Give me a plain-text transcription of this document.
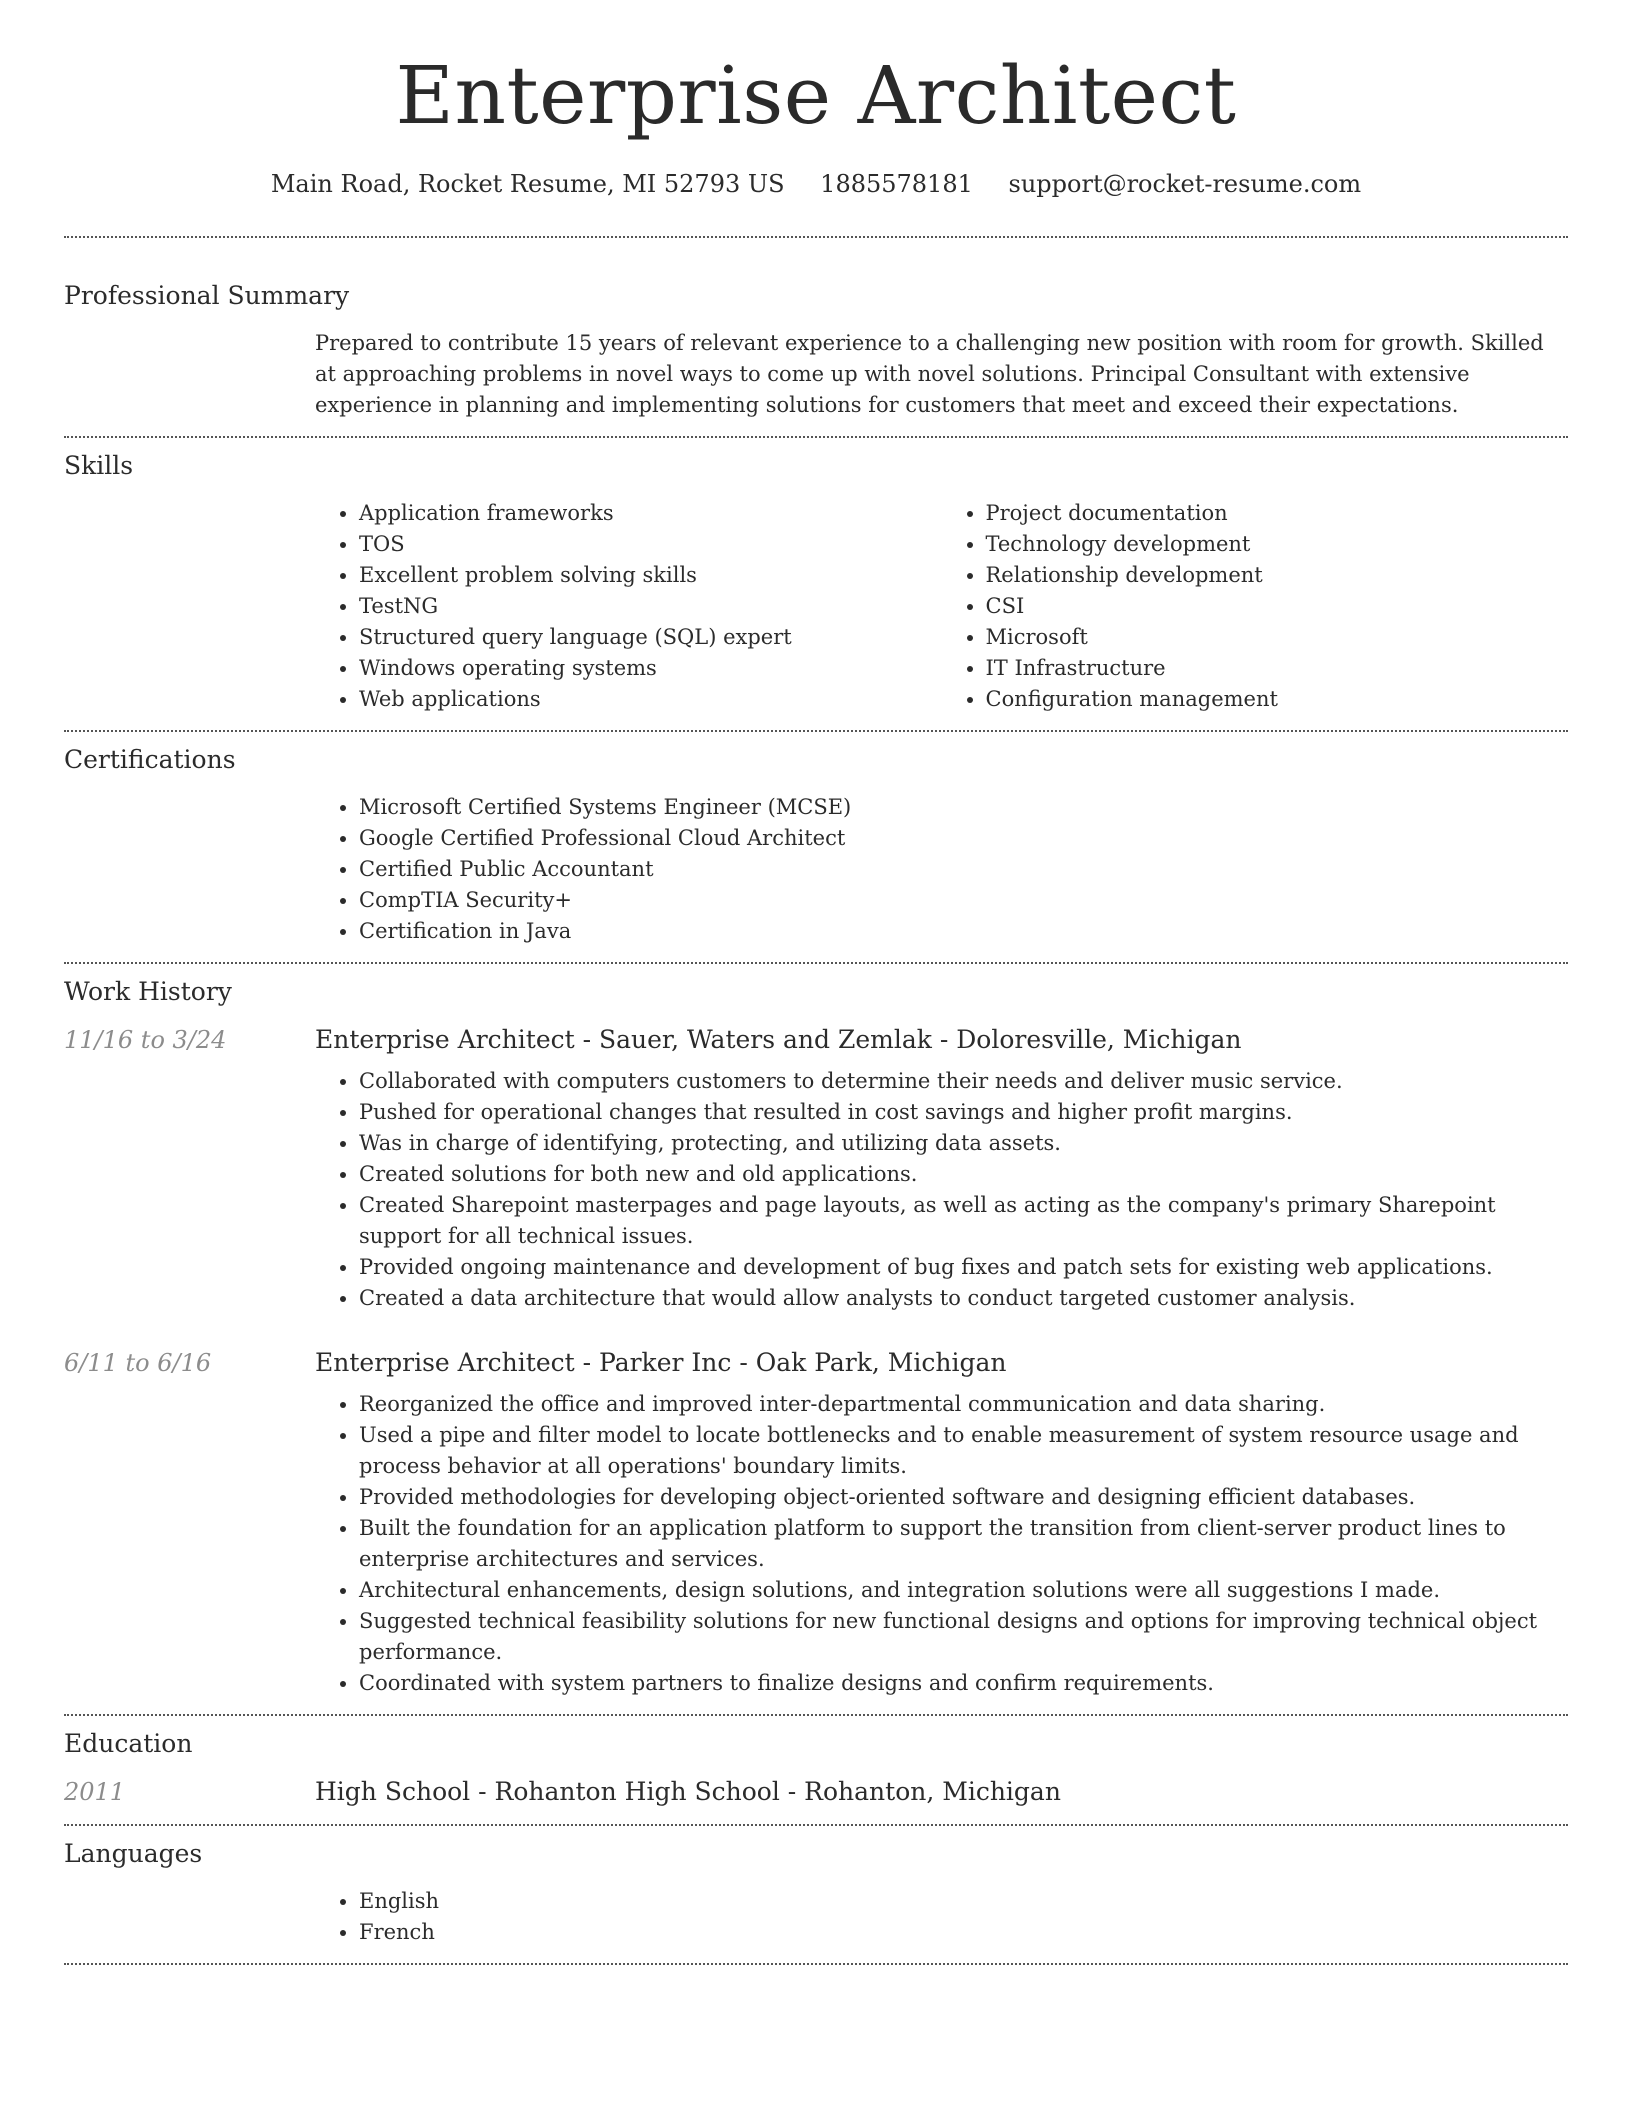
Enterprise Architect
Main Road, Rocket Resume, MI 52793 US 1885578181 support@rocket-resume.com
Professional Summary
Prepared to contribute 15 years of relevant experience to a challenging new position with room for growth. Skilled at approaching problems in novel ways to come up with novel solutions. Principal Consultant with extensive experience in planning and implementing solutions for customers that meet and exceed their expectations.
Skills
• Application frameworks
• TOS
• Excellent problem solving skills
• TestNG
• Structured query language (SQL) expert
• Windows operating systems
• Web applications
• Project documentation
• Technology development
• Relationship development
• CSI
• Microsoft
• IT Infrastructure
• Configuration management
Certifications
• Microsoft Certified Systems Engineer (MCSE)
• Google Certified Professional Cloud Architect
• Certified Public Accountant
• CompTIA Security+
• Certification in Java
Work History
11/16 to 3/24	Enterprise Architect - Sauer, Waters and Zemlak - Doloresville, Michigan
• Collaborated with computers customers to determine their needs and deliver music service.
• Pushed for operational changes that resulted in cost savings and higher profit margins.
• Was in charge of identifying, protecting, and utilizing data assets.
• Created solutions for both new and old applications.
• Created Sharepoint masterpages and page layouts, as well as acting as the company's primary Sharepoint support for all technical issues.
• Provided ongoing maintenance and development of bug fixes and patch sets for existing web applications.
• Created a data architecture that would allow analysts to conduct targeted customer analysis.
6/11 to 6/16	Enterprise Architect - Parker Inc - Oak Park, Michigan
• Reorganized the office and improved inter-departmental communication and data sharing.
• Used a pipe and filter model to locate bottlenecks and to enable measurement of system resource usage and process behavior at all operations' boundary limits.
• Provided methodologies for developing object-oriented software and designing efficient databases.
• Built the foundation for an application platform to support the transition from client-server product lines to enterprise architectures and services.
• Architectural enhancements, design solutions, and integration solutions were all suggestions I made.
• Suggested technical feasibility solutions for new functional designs and options for improving technical object performance.
• Coordinated with system partners to finalize designs and confirm requirements.
Education
2011	High School - Rohanton High School - Rohanton, Michigan
Languages
• English
• French
